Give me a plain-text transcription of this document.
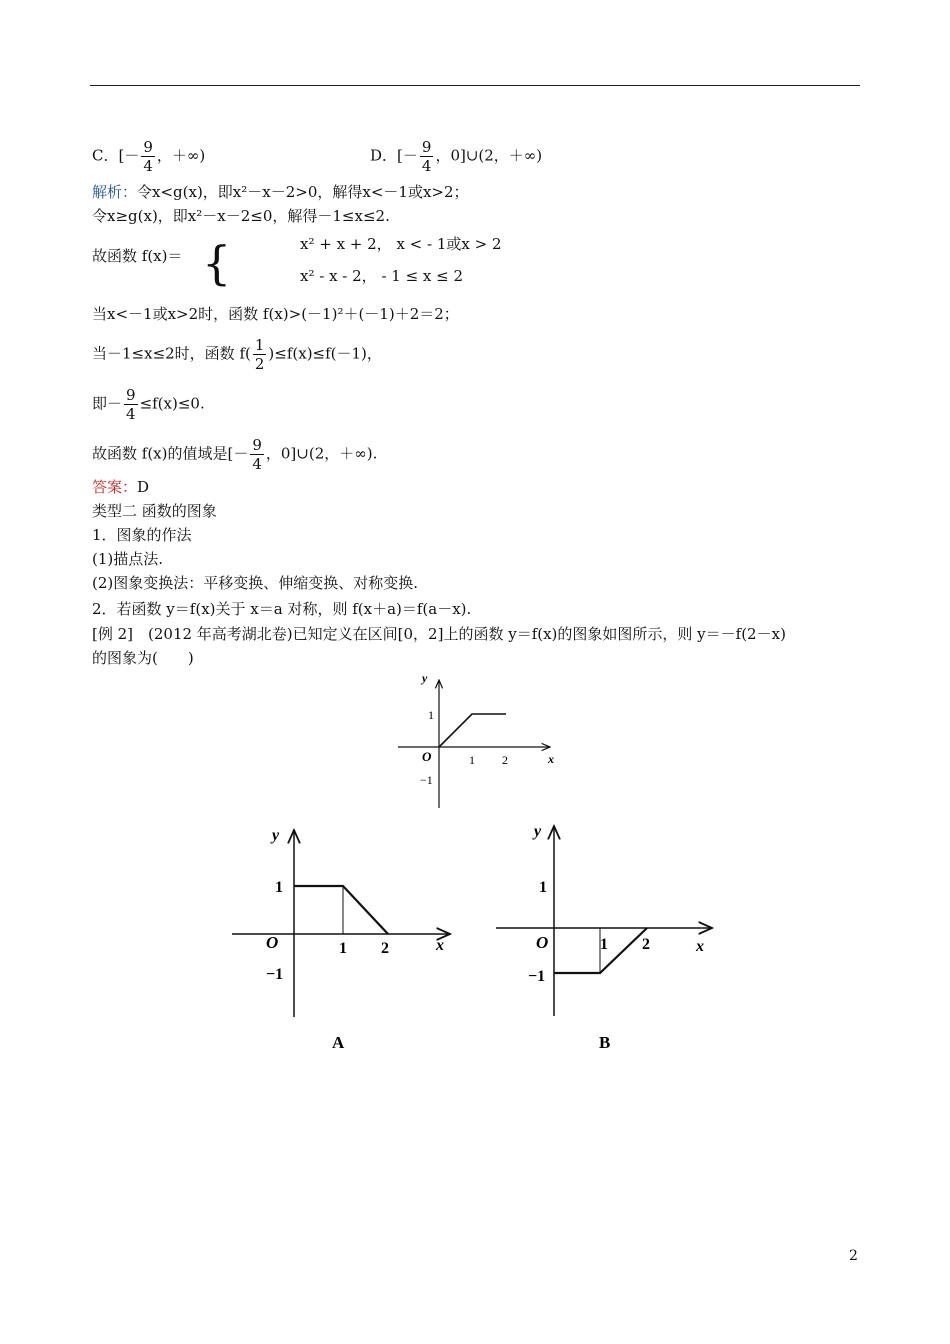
C．[－ $\frac{9}{4}$ ，＋∞)	D．[－ $\frac{9}{4}$ ，0]∪(2，＋∞)
解析：令x<g(x)，即x²－x－2>0，解得x<－1或x>2；
令x≥g(x)，即x²－x－2≤0，解得－1≤x≤2.
故函数 f(x)＝ {	x² + x + 2， x < - 1或x > 2
x² - x - 2， - 1 ≤ x ≤ 2
当x<－1或x>2时，函数 f(x)>(－1)²＋(－1)＋2＝2；
当－1≤x≤2时，函数 $f( \frac{1}{2} )\le f(x)\le f(-1)$，
即－ $\frac{9}{4} \le f(x)\le 0$.
故函数 f(x)的值域是[－ $\frac{9}{4}$ ，0]∪(2，＋∞).
答案：D
类型二 函数的图象
1．图象的作法
(1)描点法.
(2)图象变换法：平移变换、伸缩变换、对称变换.
2．若函数 y＝f(x)关于 x＝a 对称，则 f(x＋a)＝f(a－x).
[例 2]　(2012 年高考湖北卷)已知定义在区间[0，2]上的函数 y＝f(x)的图象如图所示，则 y＝－f(2－x)
的图象为(　　)
y
x
O	1 2
1
−1
y
x
O	1 2
1
−1
A
y
x
O	1 2
1
−1
B
2
